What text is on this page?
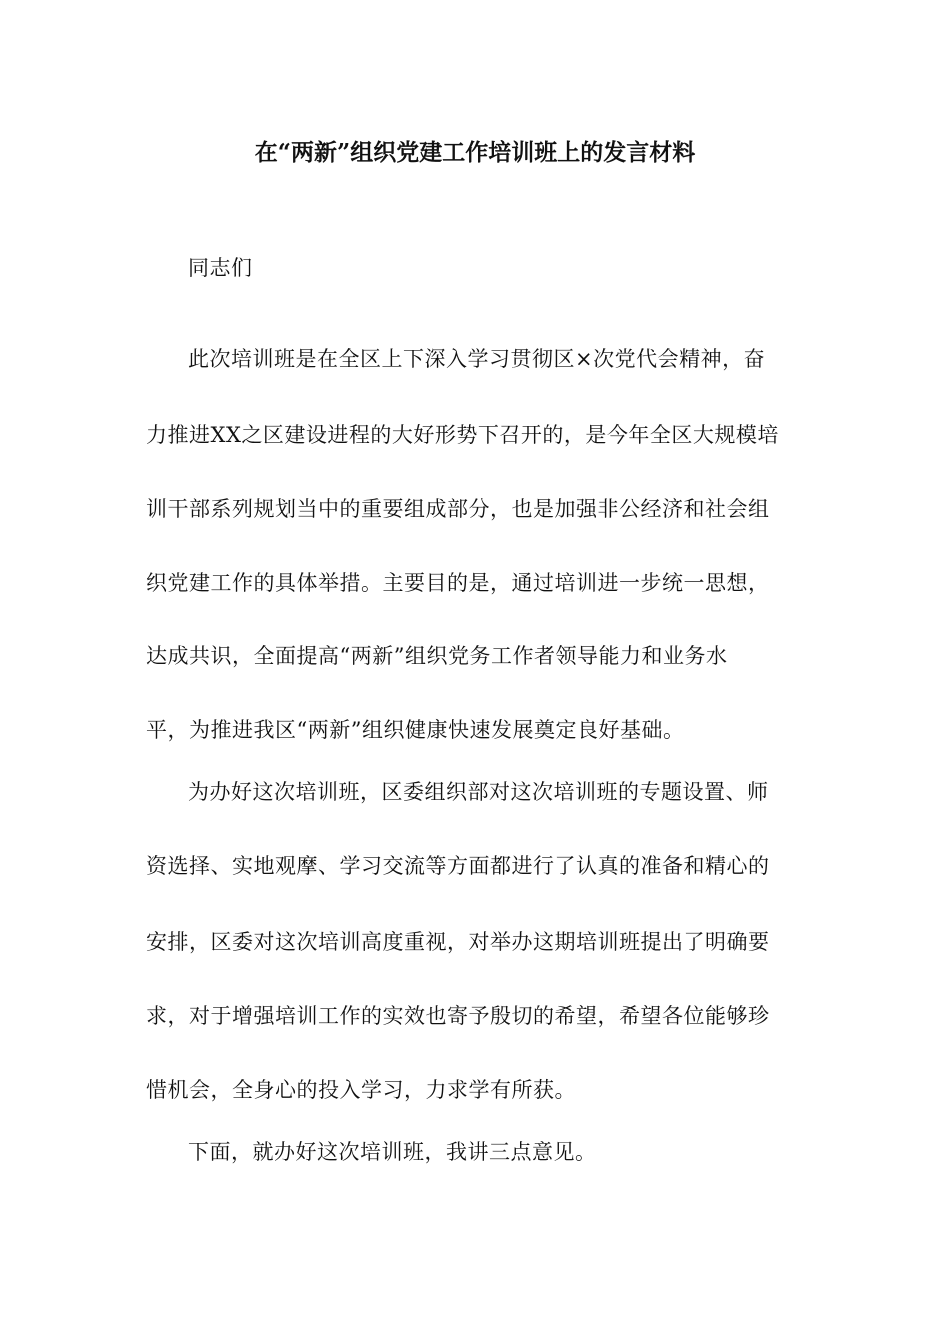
在“两新”组织党建工作培训班上的发言材料
同志们
此次培训班是在全区上下深入学习贯彻区×次党代会精神，奋
力推进XX之区建设进程的大好形势下召开的，是今年全区大规模培
训干部系列规划当中的重要组成部分，也是加强非公经济和社会组
织党建工作的具体举措。主要目的是，通过培训进一步统一思想，
达成共识，全面提高“两新”组织党务工作者领导能力和业务水
平，为推进我区“两新”组织健康快速发展奠定良好基础。
为办好这次培训班，区委组织部对这次培训班的专题设置、师
资选择、实地观摩、学习交流等方面都进行了认真的准备和精心的
安排，区委对这次培训高度重视，对举办这期培训班提出了明确要
求，对于增强培训工作的实效也寄予殷切的希望，希望各位能够珍
惜机会，全身心的投入学习，力求学有所获。
下面，就办好这次培训班，我讲三点意见。
